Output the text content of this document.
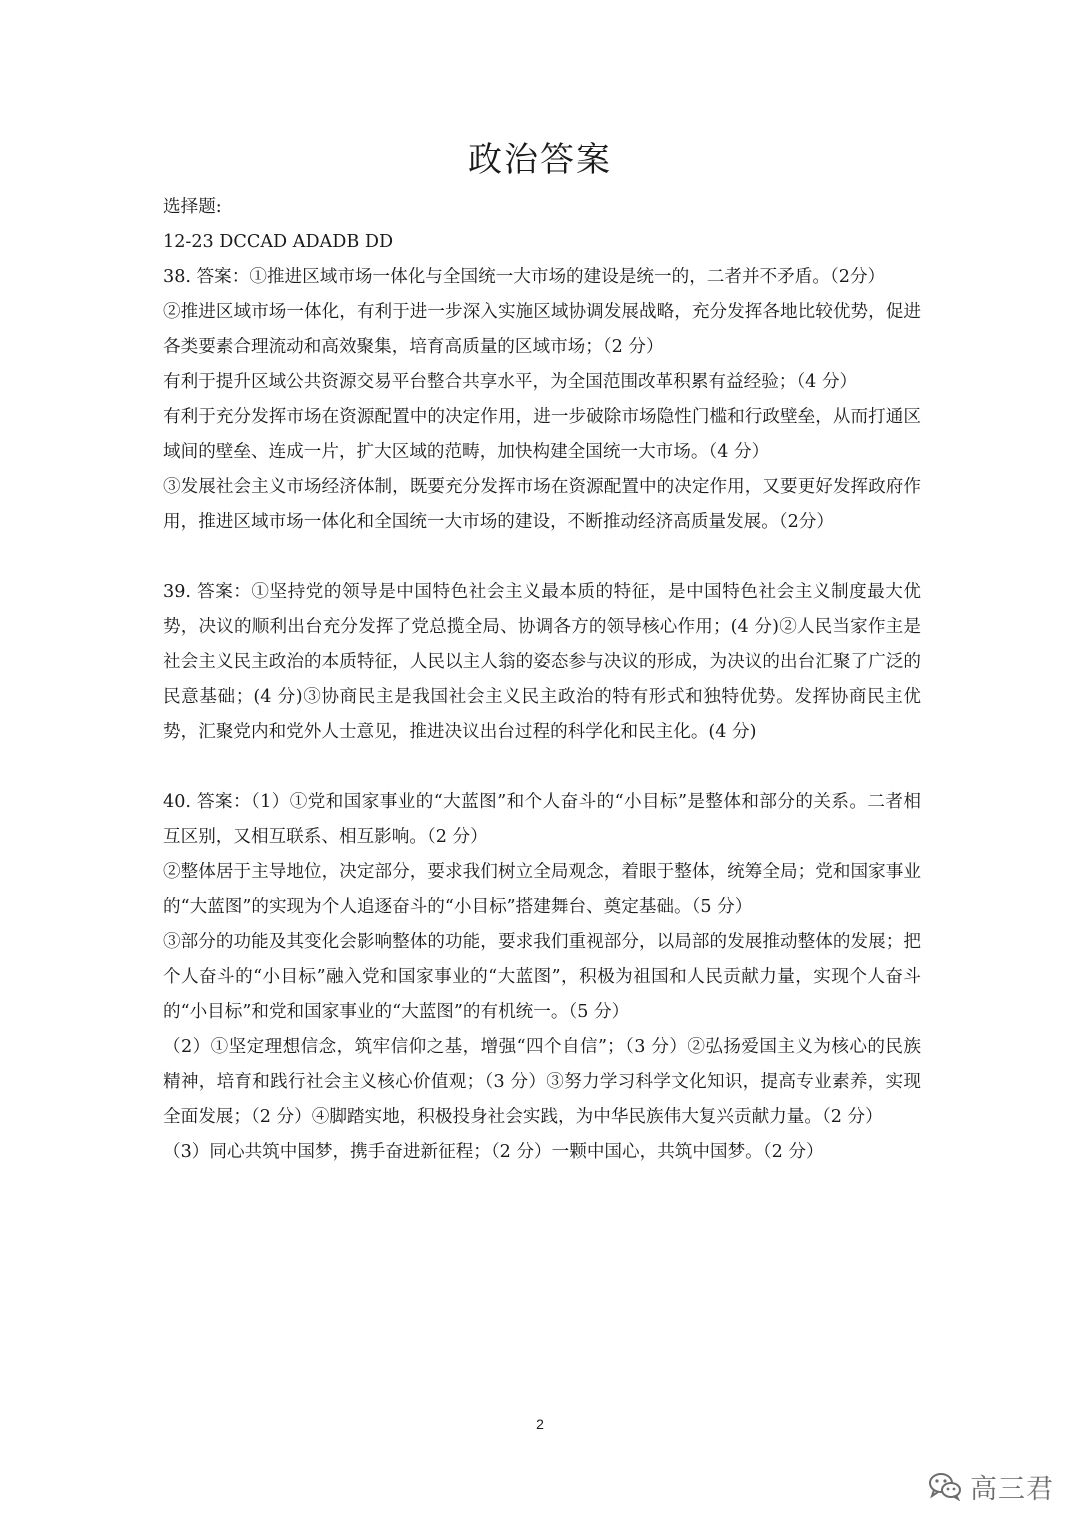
政治答案

选择题:

12-23 DCCAD ADADB DD

38. 答案：①推进区域市场一体化与全国统一大市场的建设是统一的，二者并不矛盾。（2分）

②推进区域市场一体化，有利于进一步深入实施区域协调发展战略，充分发挥各地比较优势，促进各类要素合理流动和高效聚集，培育高质量的区域市场；（2 分）

有利于提升区域公共资源交易平台整合共享水平，为全国范围改革积累有益经验；（4 分）

有利于充分发挥市场在资源配置中的决定作用，进一步破除市场隐性门槛和行政壁垒，从而打通区域间的壁垒、连成一片，扩大区域的范畴，加快构建全国统一大市场。（4 分）

③发展社会主义市场经济体制，既要充分发挥市场在资源配置中的决定作用，又要更好发挥政府作用，推进区域市场一体化和全国统一大市场的建设，不断推动经济高质量发展。（2分）

39. 答案：①坚持党的领导是中国特色社会主义最本质的特征，是中国特色社会主义制度最大优势，决议的顺利出台充分发挥了党总揽全局、协调各方的领导核心作用；(4 分)②人民当家作主是社会主义民主政治的本质特征，人民以主人翁的姿态参与决议的形成，为决议的出台汇聚了广泛的民意基础；(4 分)③协商民主是我国社会主义民主政治的特有形式和独特优势。发挥协商民主优势，汇聚党内和党外人士意见，推进决议出台过程的科学化和民主化。(4 分)

40. 答案：（1）①党和国家事业的“大蓝图”和个人奋斗的“小目标”是整体和部分的关系。二者相互区别，又相互联系、相互影响。（2 分）

②整体居于主导地位，决定部分，要求我们树立全局观念，着眼于整体，统筹全局；党和国家事业的“大蓝图”的实现为个人追逐奋斗的“小目标”搭建舞台、奠定基础。（5 分）

③部分的功能及其变化会影响整体的功能，要求我们重视部分，以局部的发展推动整体的发展；把个人奋斗的“小目标”融入党和国家事业的“大蓝图”，积极为祖国和人民贡献力量，实现个人奋斗的“小目标”和党和国家事业的“大蓝图”的有机统一。（5 分）

（2）①坚定理想信念，筑牢信仰之基，增强“四个自信”；（3 分）②弘扬爱国主义为核心的民族精神，培育和践行社会主义核心价值观；（3 分）③努力学习科学文化知识，提高专业素养，实现全面发展；（2 分）④脚踏实地，积极投身社会实践，为中华民族伟大复兴贡献力量。（2 分）

（3）同心共筑中国梦，携手奋进新征程；（2 分）一颗中国心，共筑中国梦。（2 分）

2
高三君
